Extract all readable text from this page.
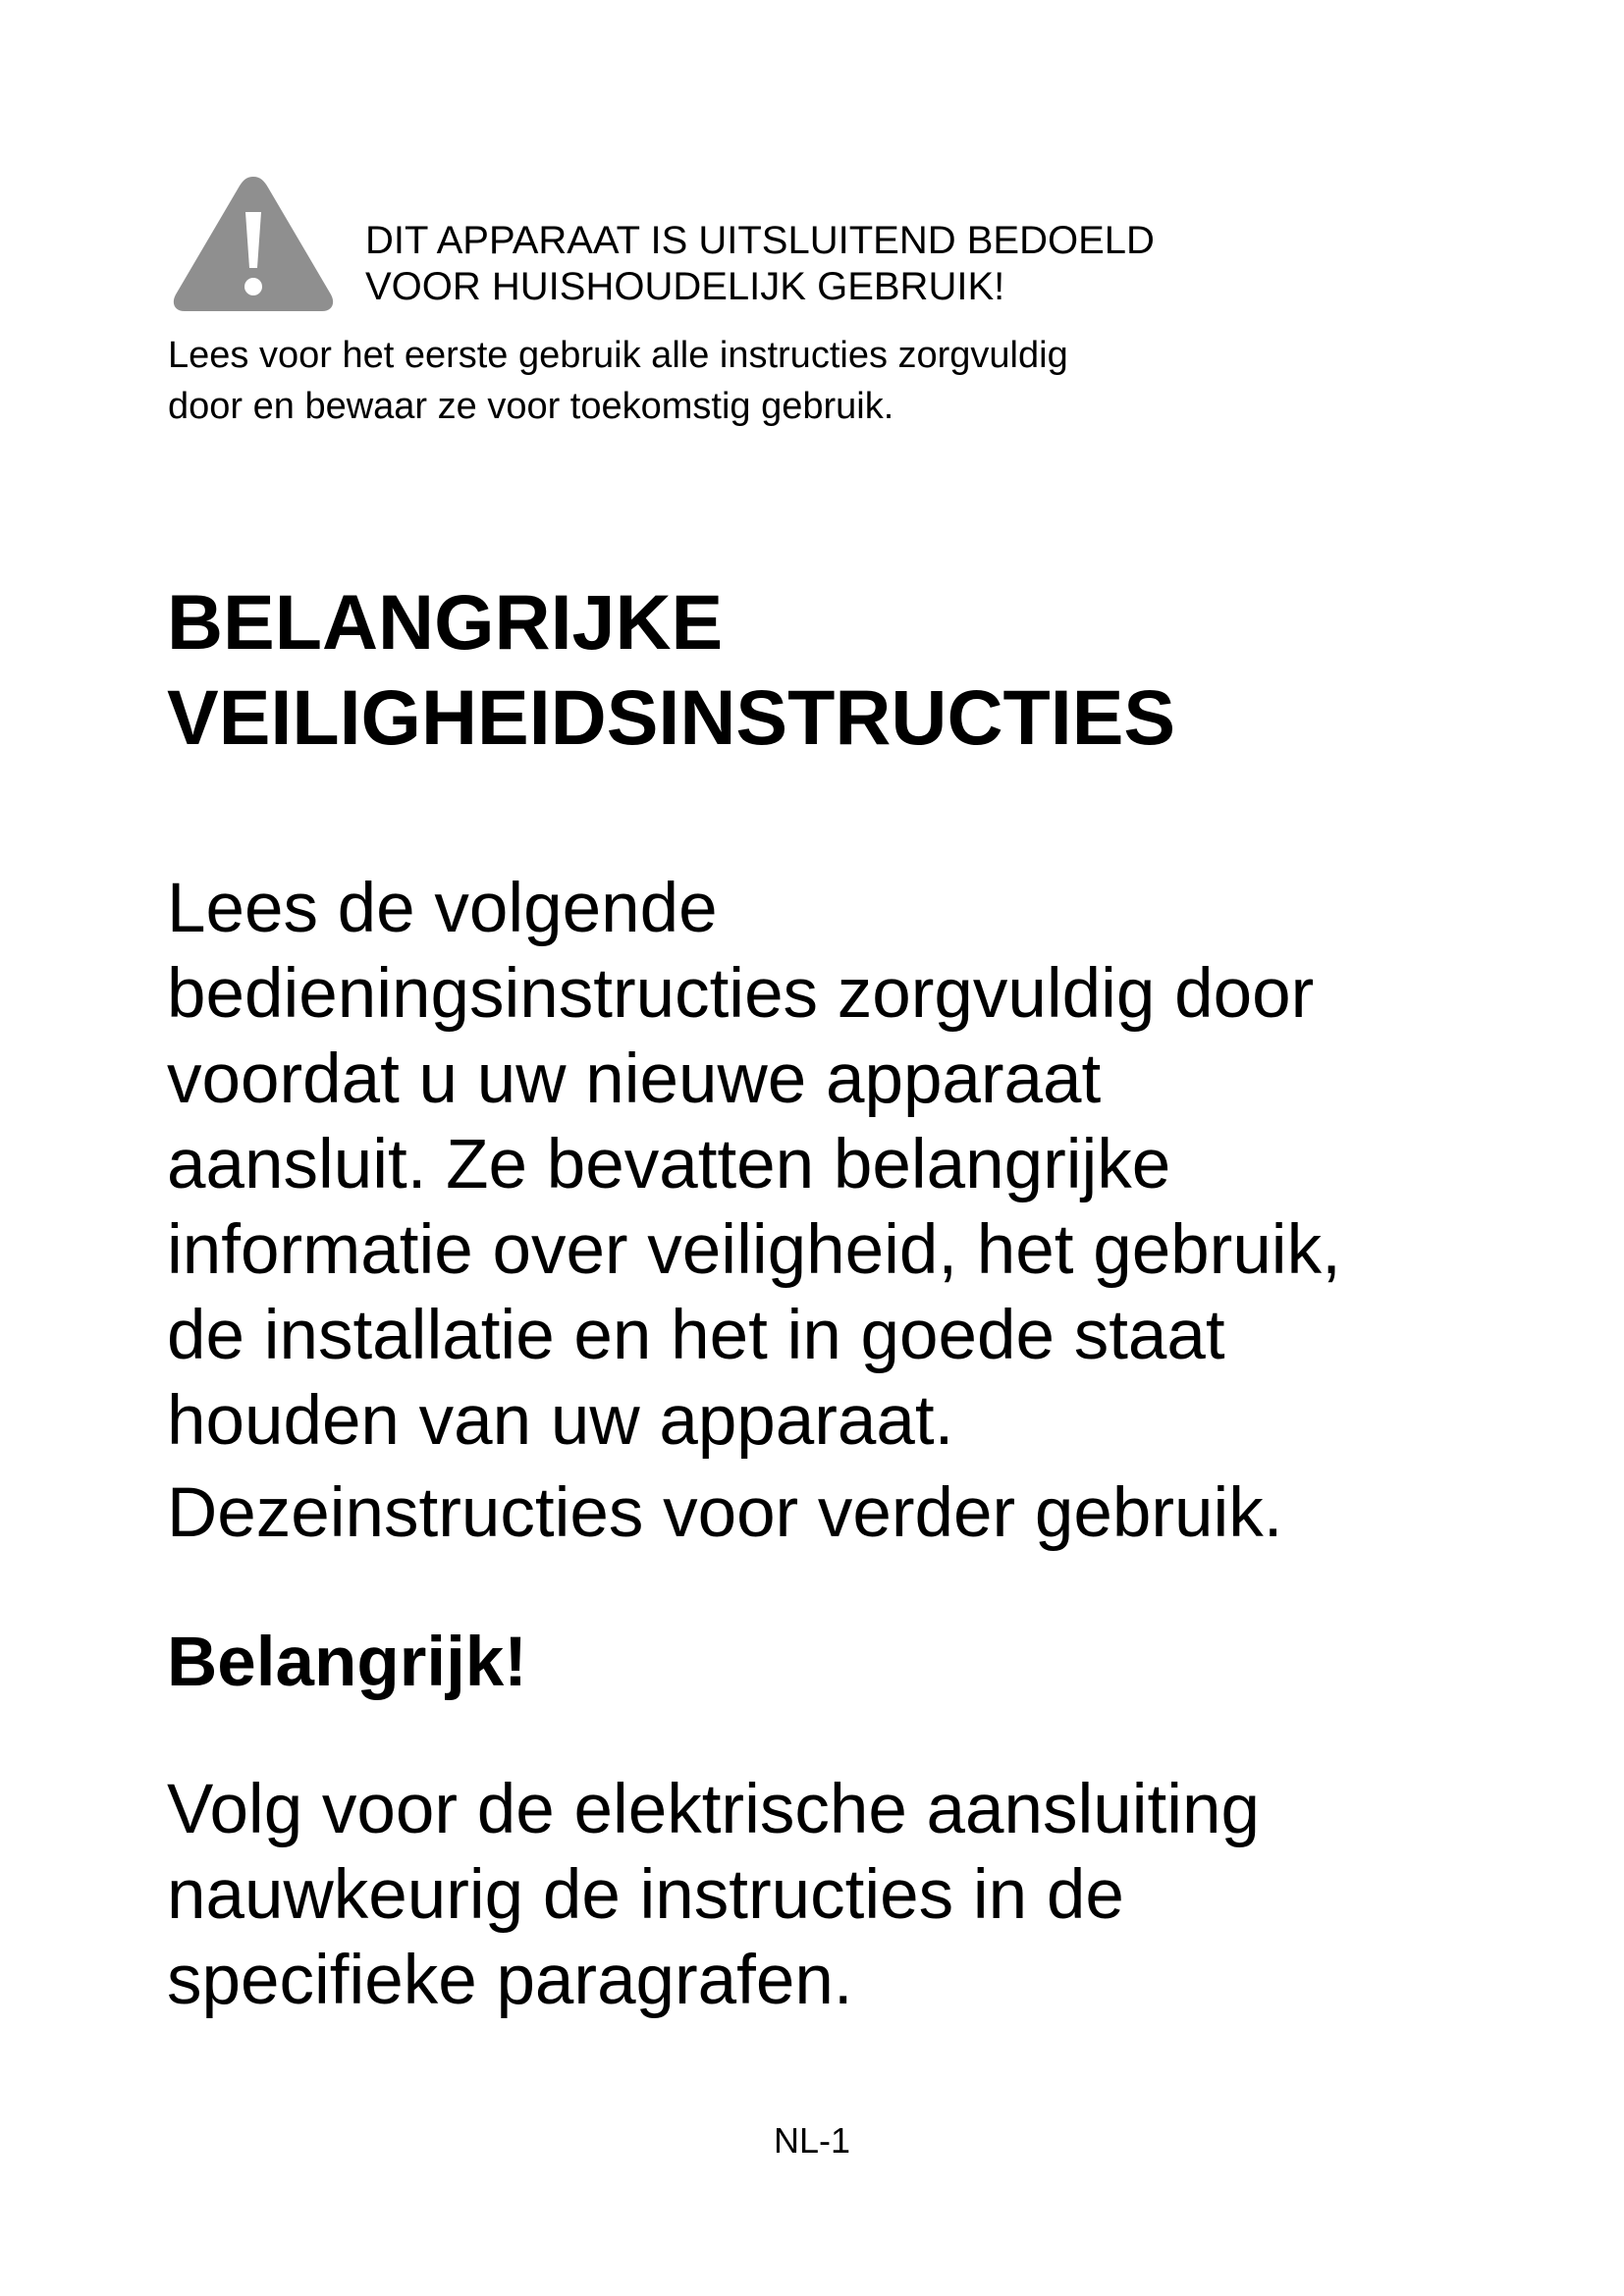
DIT APPARAAT IS UITSLUITEND BEDOELD
VOOR HUISHOUDELIJK GEBRUIK!
Lees voor het eerste gebruik alle instructies zorgvuldig
door en bewaar ze voor toekomstig gebruik.
BELANGRIJKE
VEILIGHEIDSINSTRUCTIES
Lees de volgende
bedieningsinstructies zorgvuldig door
voordat u uw nieuwe apparaat
aansluit. Ze bevatten belangrijke
informatie over veiligheid, het gebruik,
de installatie en het in goede staat
houden van uw apparaat.
Dezeinstructies voor verder gebruik.
Belangrijk!
Volg voor de elektrische aansluiting
nauwkeurig de instructies in de
specifieke paragrafen.
NL-1
